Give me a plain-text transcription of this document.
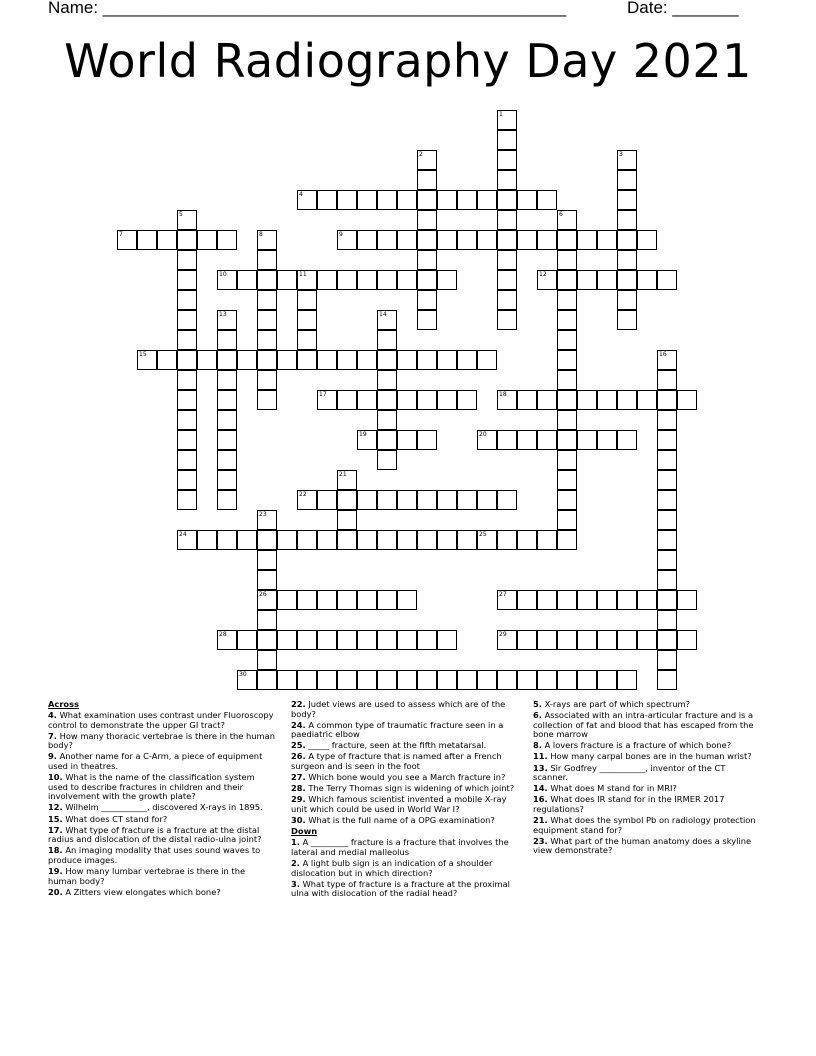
Name: _________________________________________________	Date: _______
World Radiography Day 2021
1
2	3
4
5	6
7	8	9
10	11	12
13	14
15	16
17	18
19	20
21
22
23
26
24	25
27
28	29
30
Across
4. What examination uses contrast under Fluoroscopy control to demonstrate the upper GI tract?
7. How many thoracic vertebrae is there in the human body?
9. Another name for a C-Arm, a piece of equipment used in theatres.
10. What is the name of the classification system used to describe fractures in children and their involvement with the growth plate?
12. Wilhelm ___________, discovered X-rays in 1895.
15. What does CT stand for?
17. What type of fracture is a fracture at the distal radius and dislocation of the distal radio-ulna joint?
18. An imaging modality that uses sound waves to produce images.
19. How many lumbar vertebrae is there in the human body?
20. A Zitters view elongates which bone?
22. Judet views are used to assess which are of the body?
24. A common type of traumatic fracture seen in a paediatric elbow
25. _____ fracture, seen at the fifth metatarsal.
26. A type of fracture that is named after a French surgeon and is seen in the foot
27. Which bone would you see a March fracture in?
28. The Terry Thomas sign is widening of which joint?
29. Which famous scientist invented a mobile X-ray unit which could be used in World War I?
30. What is the full name of a OPG examination?
Down
1. A _________ fracture is a fracture that involves the lateral and medial malleolus
2. A light bulb sign is an indication of a shoulder dislocation but in which direction?
3. What type of fracture is a fracture at the proximal ulna with dislocation of the radial head?
5. X-rays are part of which spectrum?
6. Associated with an intra-articular fracture and is a collection of fat and blood that has escaped from the bone marrow
8. A lovers fracture is a fracture of which bone?
11. How many carpal bones are in the human wrist?
13. Sir Godfrey ___________, inventor of the CT scanner.
14. What does M stand for in MRI?
16. What does IR stand for in the IRMER 2017 regulations?
21. What does the symbol Pb on radiology protection equipment stand for?
23. What part of the human anatomy does a skyline view demonstrate?
